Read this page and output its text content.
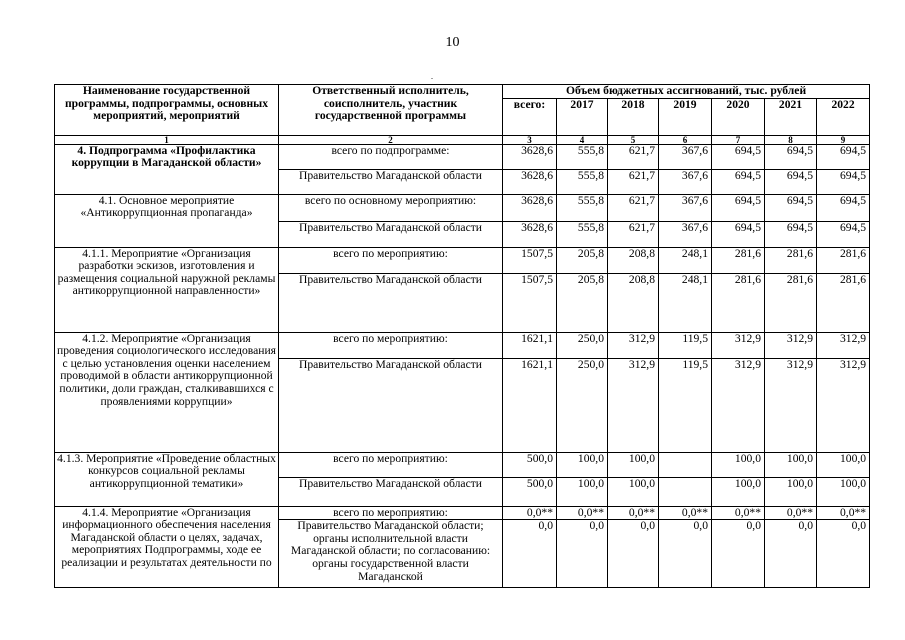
10
.
Наименование государственной программы, подпрограммы, основных мероприятий, мероприятий	Ответственный исполнитель, соисполнитель, участник государственной программы	Объем бюджетных ассигнований, тыс. рублей						
		всего:	2017	2018	2019	2020	2021	2022
1	2	3	4	5	6	7	8	9
4. Подпрограмма «Профилактика коррупции в Магаданской области»	всего по подпрограмме:	3628,6	555,8	621,7	367,6	694,5	694,5	694,5
	Правительство Магаданской области	3628,6	555,8	621,7	367,6	694,5	694,5	694,5
4.1. Основное мероприятие «Антикоррупционная пропаганда»	всего по основному мероприятию:	3628,6	555,8	621,7	367,6	694,5	694,5	694,5
	Правительство Магаданской области	3628,6	555,8	621,7	367,6	694,5	694,5	694,5
4.1.1. Мероприятие «Организация разработки эскизов, изготовления и размещения социальной наружной рекламы антикоррупционной направленности»	всего по мероприятию:	1507,5	205,8	208,8	248,1	281,6	281,6	281,6
	Правительство Магаданской области	1507,5	205,8	208,8	248,1	281,6	281,6	281,6
4.1.2. Мероприятие «Организация проведения социологического исследования с целью установления оценки населением проводимой в области антикоррупционной политики, доли граждан, сталкивавшихся с проявлениями коррупции»	всего по мероприятию:	1621,1	250,0	312,9	119,5	312,9	312,9	312,9
	Правительство Магаданской области	1621,1	250,0	312,9	119,5	312,9	312,9	312,9
4.1.3. Мероприятие «Проведение областных конкурсов социальной рекламы антикоррупционной тематики»	всего по мероприятию:	500,0	100,0	100,0		100,0	100,0	100,0
	Правительство Магаданской области	500,0	100,0	100,0		100,0	100,0	100,0
4.1.4. Мероприятие «Организация информационного обеспечения населения Магаданской области о целях, задачах, мероприятиях Подпрограммы, ходе ее реализации и результатах деятельности по	всего по мероприятию:	0,0**	0,0**	0,0**	0,0**	0,0**	0,0**	0,0**
	Правительство Магаданской области; органы исполнительной власти Магаданской области; по согласованию: органы государственной власти Магаданской	0,0	0,0	0,0	0,0	0,0	0,0	0,0
